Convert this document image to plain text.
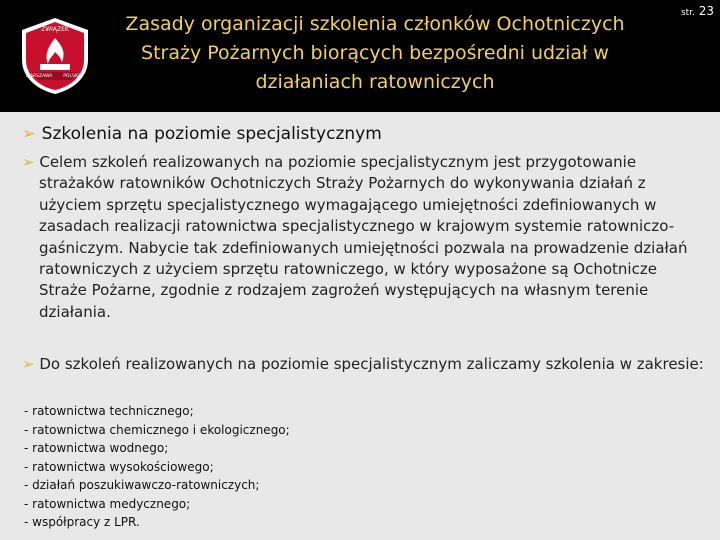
ZWIĄZEK
WARSZAWA POLSKA
Zasady organizacji szkolenia członków Ochotniczych Straży Pożarnych biorących bezpośredni udział w działaniach ratowniczych
str. 23
➢ Szkolenia na poziomie specjalistycznym
➢ Celem szkoleń realizowanych na poziomie specjalistycznym jest przygotowanie strażaków ratowników Ochotniczych Straży Pożarnych do wykonywania działań z użyciem sprzętu specjalistycznego wymagającego umiejętności zdefiniowanych w zasadach realizacji ratownictwa specjalistycznego w krajowym systemie ratowniczo-gaśniczym. Nabycie tak zdefiniowanych umiejętności pozwala na prowadzenie działań ratowniczych z użyciem sprzętu ratowniczego, w który wyposażone są Ochotnicze Straże Pożarne, zgodnie z rodzajem zagrożeń występujących na własnym terenie działania.
➢ Do szkoleń realizowanych na poziomie specjalistycznym zaliczamy szkolenia w zakresie:
- ratownictwa technicznego;
- ratownictwa chemicznego i ekologicznego;
- ratownictwa wodnego;
- ratownictwa wysokościowego;
- działań poszukiwawczo-ratowniczych;
- ratownictwa medycznego;
- współpracy z LPR.
